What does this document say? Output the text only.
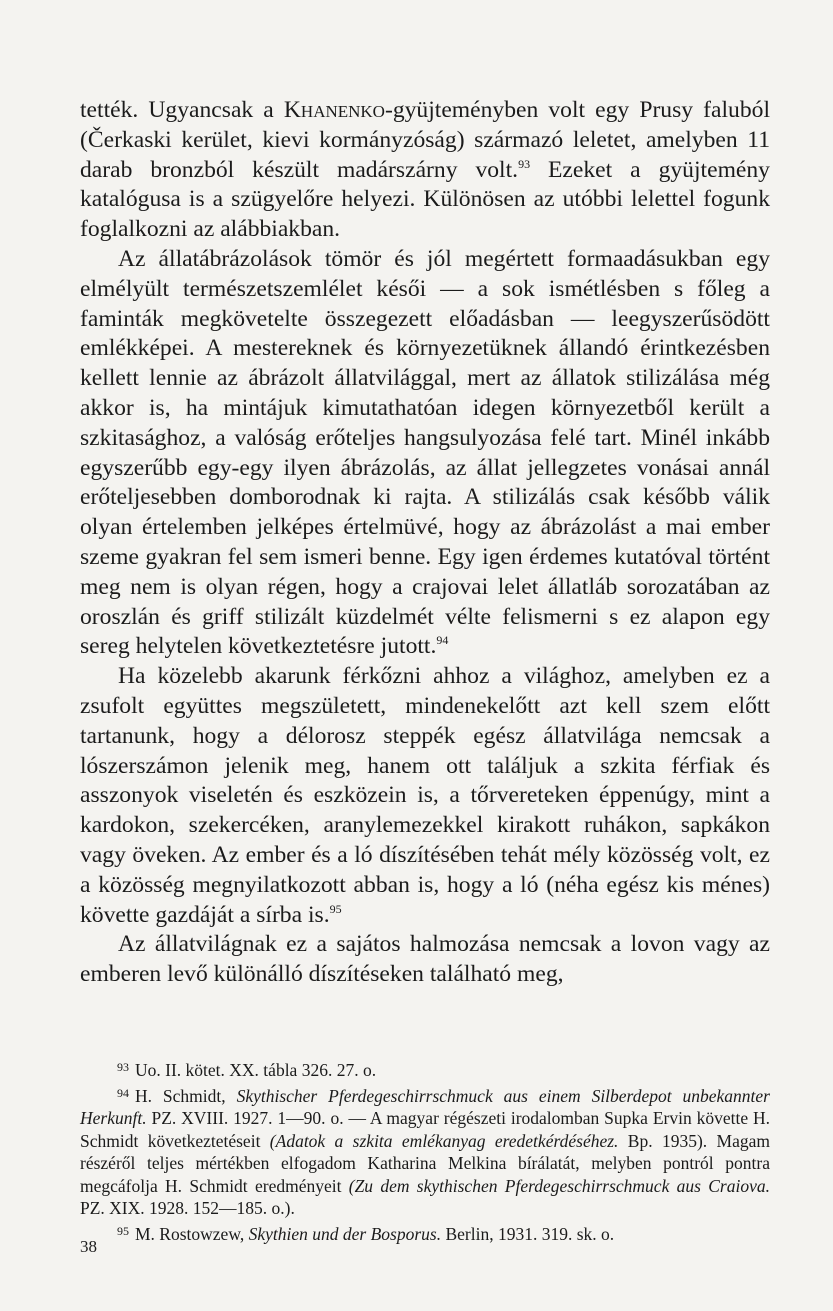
tették. Ugyancsak a Khanenko-gyüjteményben volt egy Prusy faluból (Čerkaski kerület, kievi kormányzóság) származó leletet, amelyben 11 darab bronzból készült madárszárny volt.$^{93}$ Ezeket a gyüjtemény katalógusa is a szügyelőre helyezi. Különösen az utóbbi lelettel fogunk foglalkozni az alábbiakban.

Az állatábrázolások tömör és jól megértett formaadásukban egy elmélyült természetszemlélet késői — a sok ismétlésben s főleg a faminták megkövetelte összegezett előadásban — leegyszerűsödött emlékképei. A mestereknek és környezetüknek állandó érintkezésben kellett lennie az ábrázolt állatvilággal, mert az állatok stilizálása még akkor is, ha mintájuk kimutathatóan idegen környezetből került a szkitasághoz, a valóság erőteljes hangsulyozása felé tart. Minél inkább egyszerűbb egy-egy ilyen ábrázolás, az állat jellegzetes vonásai annál erőteljesebben domborodnak ki rajta. A stilizálás csak később válik olyan értelemben jelképes értelmüvé, hogy az ábrázolást a mai ember szeme gyakran fel sem ismeri benne. Egy igen érdemes kutatóval történt meg nem is olyan régen, hogy a crajovai lelet állatláb sorozatában az oroszlán és griff stilizált küzdelmét vélte felismerni s ez alapon egy sereg helytelen következtetésre jutott.$^{94}$

Ha közelebb akarunk férkőzni ahhoz a világhoz, amelyben ez a zsufolt együttes megszületett, mindenekelőtt azt kell szem előtt tartanunk, hogy a délorosz steppék egész állatvilága nemcsak a lószerszámon jelenik meg, hanem ott találjuk a szkita férfiak és asszonyok viseletén és eszközein is, a tőrvereteken éppenúgy, mint a kardokon, szekercéken, aranylemezekkel kirakott ruhákon, sapkákon vagy öveken. Az ember és a ló díszítésében tehát mély közösség volt, ez a közösség megnyilatkozott abban is, hogy a ló (néha egész kis ménes) követte gazdáját a sírba is.$^{95}$

Az állatvilágnak ez a sajátos halmozása nemcsak a lovon vagy az emberen levő különálló díszítéseken található meg,

$^{93}$ Uo. II. kötet. XX. tábla 326. 27. o.

$^{94}$ H. Schmidt, Skythischer Pferdegeschirrschmuck aus einem Silberdepot unbekannter Herkunft. PZ. XVIII. 1927. 1—90. o. — A magyar régészeti irodalomban Supka Ervin követte H. Schmidt következtetéseit (Adatok a szkita emlékanyag eredetkérdéséhez. Bp. 1935). Magam részéről teljes mértékben elfogadom Katharina Melkina bírálatát, melyben pontról pontra megcáfolja H. Schmidt eredményeit (Zu dem skythischen Pferdegeschirrschmuck aus Craiova. PZ. XIX. 1928. 152—185. o.).

$^{95}$ M. Rostowzew, Skythien und der Bosporus. Berlin, 1931. 319. sk. o.

38
